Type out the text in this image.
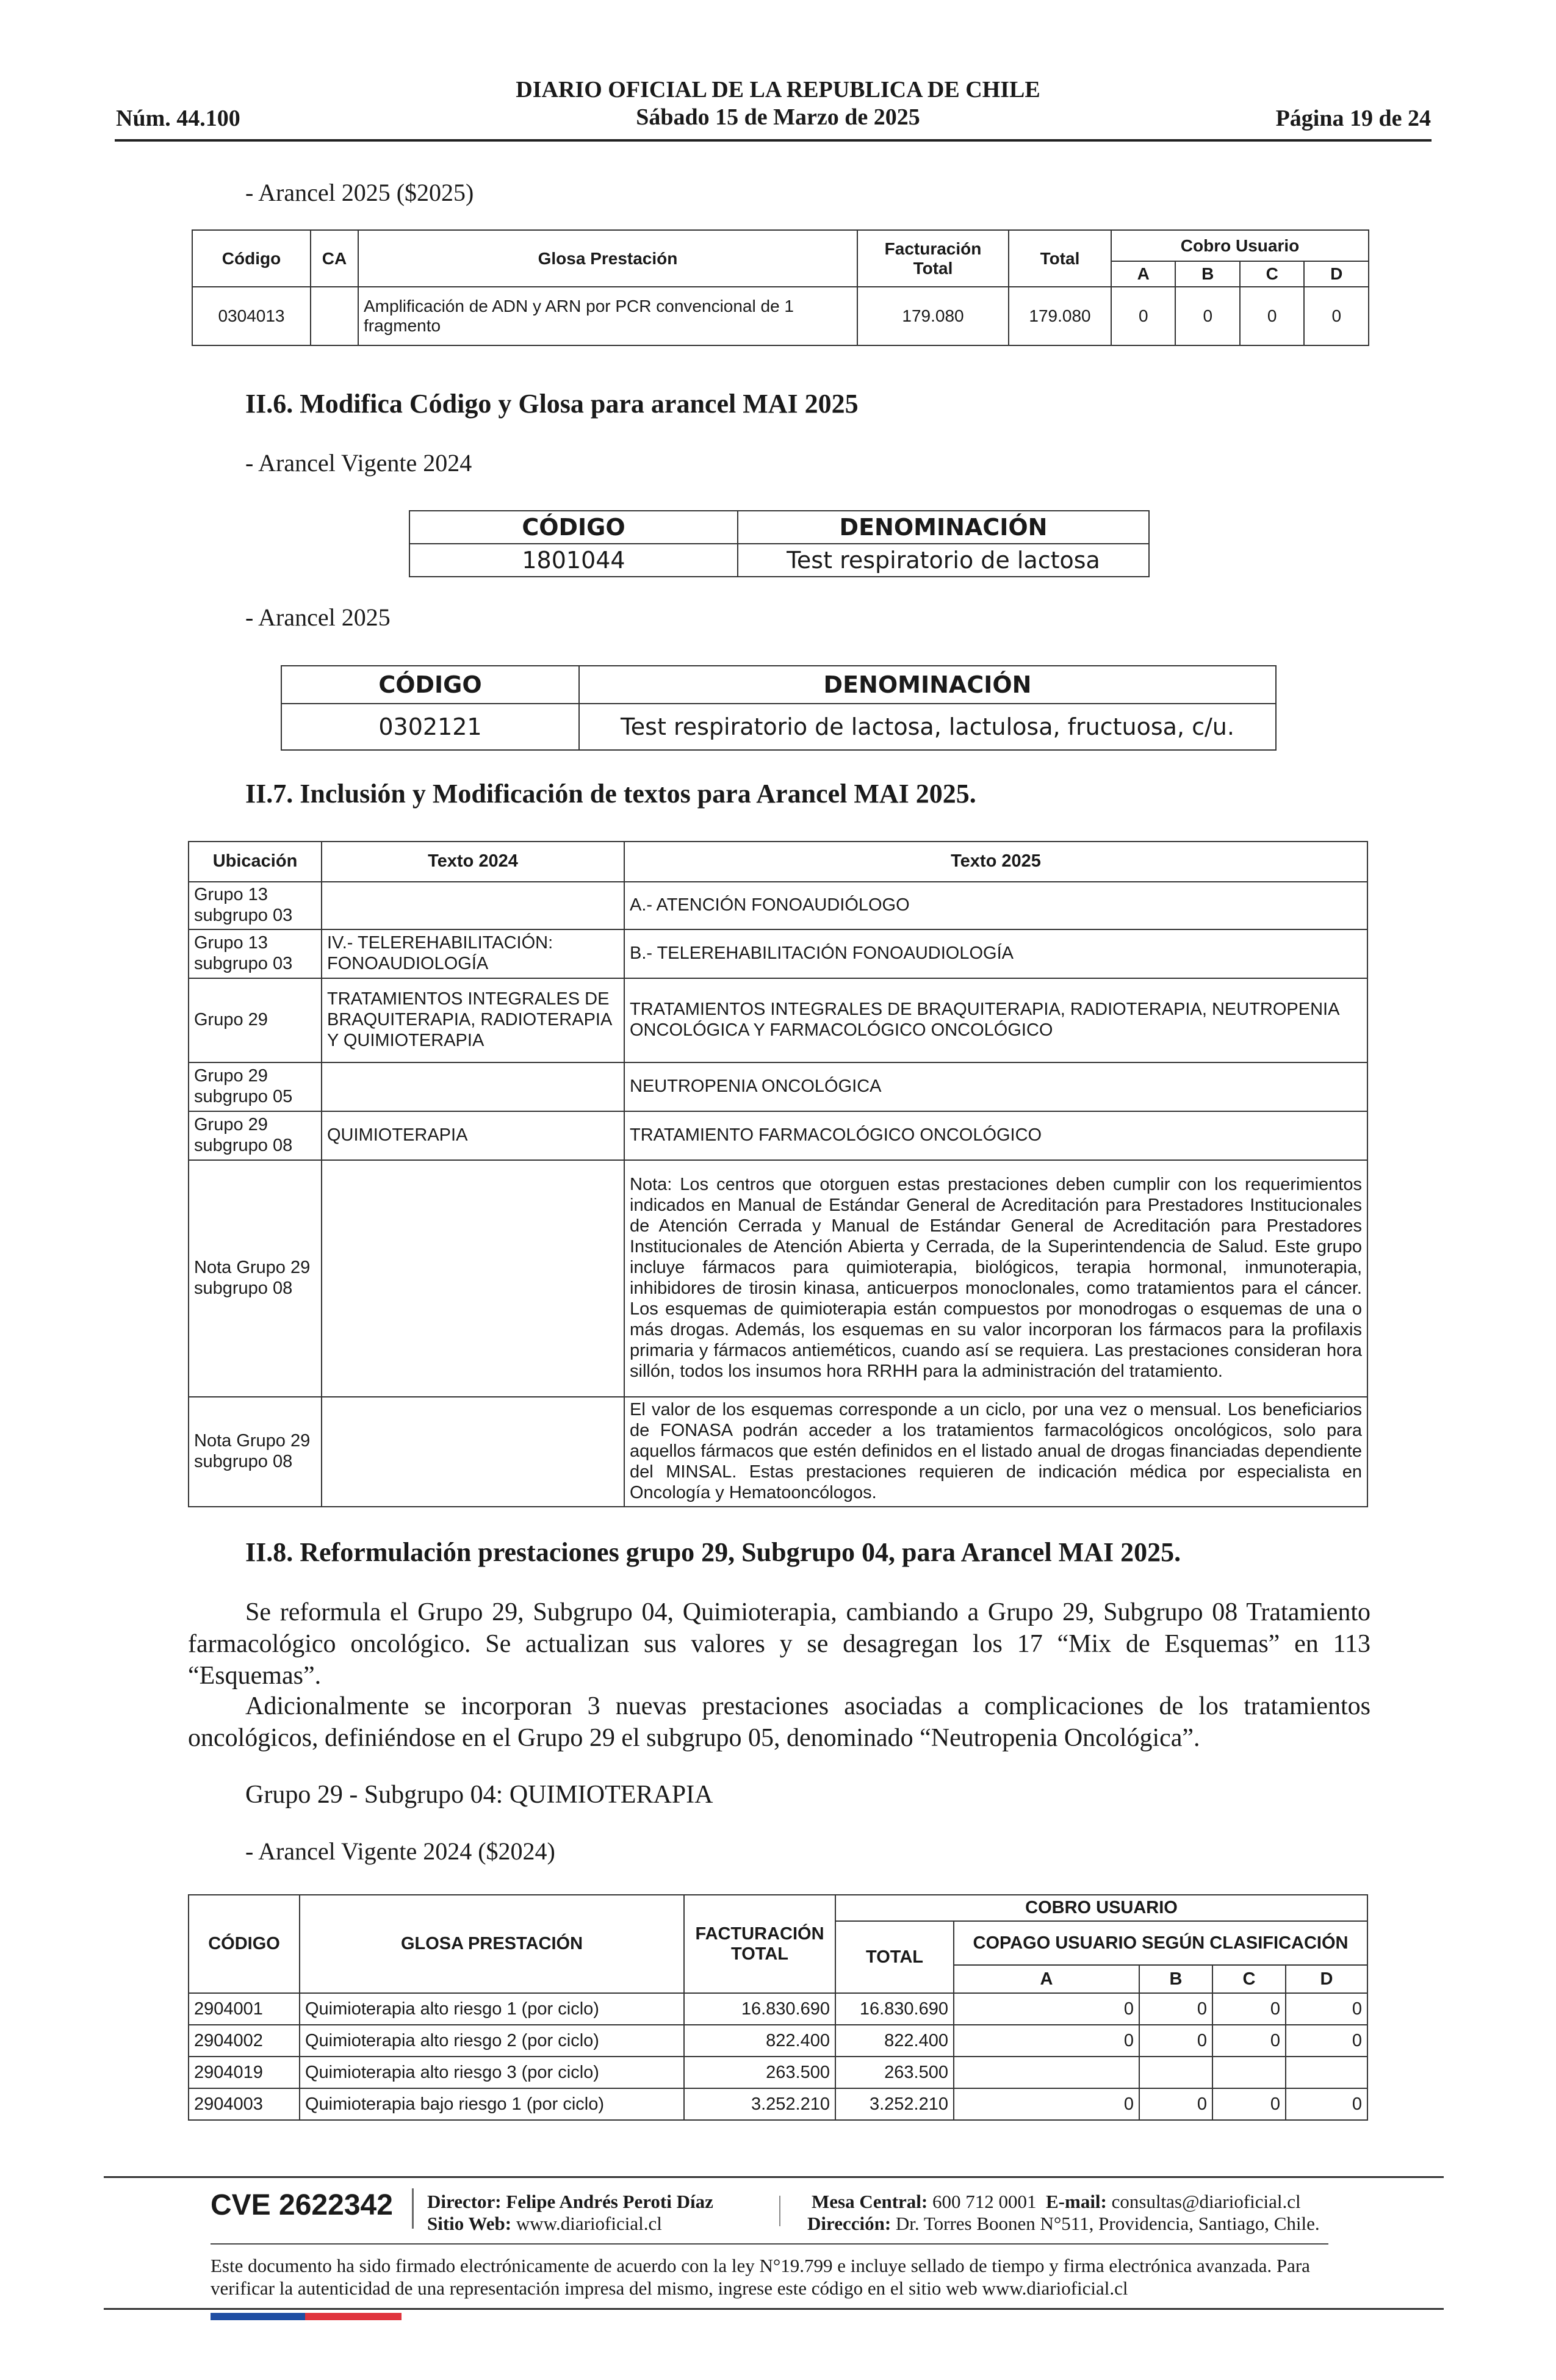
DIARIO OFICIAL DE LA REPUBLICA DE CHILE
Sábado 15 de Marzo de 2025
Núm. 44.100	Página 19 de 24
- Arancel 2025 ($2025)
Código	CA	Glosa Prestación	Facturación Total	Total	Cobro Usuario			
					A	B	C	D
0304013		Amplificación de ADN y ARN por PCR convencional de 1 fragmento	179.080	179.080	0	0	0	0
II.6. Modifica Código y Glosa para arancel MAI 2025
- Arancel Vigente 2024
CÓDIGO	DENOMINACIÓN
1801044	Test respiratorio de lactosa
- Arancel 2025
CÓDIGO	DENOMINACIÓN
0302121	Test respiratorio de lactosa, lactulosa, fructuosa, c/u.
II.7. Inclusión y Modificación de textos para Arancel MAI 2025.
Ubicación	Texto 2024	Texto 2025
Grupo 13 subgrupo 03		A.- ATENCIÓN FONOAUDIÓLOGO
Grupo 13 subgrupo 03	IV.- TELEREHABILITACIÓN: FONOAUDIOLOGÍA	B.- TELEREHABILITACIÓN FONOAUDIOLOGÍA
Grupo 29	TRATAMIENTOS INTEGRALES DE BRAQUITERAPIA, RADIOTERAPIA Y QUIMIOTERAPIA	TRATAMIENTOS INTEGRALES DE BRAQUITERAPIA, RADIOTERAPIA, NEUTROPENIA ONCOLÓGICA Y FARMACOLÓGICO ONCOLÓGICO
Grupo 29 subgrupo 05		NEUTROPENIA ONCOLÓGICA
Grupo 29 subgrupo 08	QUIMIOTERAPIA	TRATAMIENTO FARMACOLÓGICO ONCOLÓGICO
Nota Grupo 29 subgrupo 08		Nota: Los centros que otorguen estas prestaciones deben cumplir con los requerimientos indicados en Manual de Estándar General de Acreditación para Prestadores Institucionales de Atención Cerrada y Manual de Estándar General de Acreditación para Prestadores Institucionales de Atención Abierta y Cerrada, de la Superintendencia de Salud. Este grupo incluye fármacos para quimioterapia, biológicos, terapia hormonal, inmunoterapia, inhibidores de tirosin kinasa, anticuerpos monoclonales, como tratamientos para el cáncer. Los esquemas de quimioterapia están compuestos por monodrogas o esquemas de una o más drogas. Además, los esquemas en su valor incorporan los fármacos para la profilaxis primaria y fármacos antieméticos, cuando así se requiera. Las prestaciones consideran hora sillón, todos los insumos hora RRHH para la administración del tratamiento.
Nota Grupo 29 subgrupo 08		El valor de los esquemas corresponde a un ciclo, por una vez o mensual. Los beneficiarios de FONASA podrán acceder a los tratamientos farmacológicos oncológicos, solo para aquellos fármacos que estén definidos en el listado anual de drogas financiadas dependiente del MINSAL. Estas prestaciones requieren de indicación médica por especialista en Oncología y Hematooncólogos.
II.8. Reformulación prestaciones grupo 29, Subgrupo 04, para Arancel MAI 2025.
Se reformula el Grupo 29, Subgrupo 04, Quimioterapia, cambiando a Grupo 29, Subgrupo 08 Tratamiento farmacológico oncológico. Se actualizan sus valores y se desagregan los 17 “Mix de Esquemas” en 113 “Esquemas”.
Adicionalmente se incorporan 3 nuevas prestaciones asociadas a complicaciones de los tratamientos oncológicos, definiéndose en el Grupo 29 el subgrupo 05, denominado “Neutropenia Oncológica”.
Grupo 29 - Subgrupo 04: QUIMIOTERAPIA
- Arancel Vigente 2024 ($2024)
CÓDIGO	GLOSA PRESTACIÓN	FACTURACIÓN TOTAL	COBRO USUARIO				
			TOTAL	COPAGO USUARIO SEGÚN CLASIFICACIÓN			
				A	B	C	D
2904001	Quimioterapia alto riesgo 1 (por ciclo)	16.830.690	16.830.690	0	0	0	0
2904002	Quimioterapia alto riesgo 2 (por ciclo)	822.400	822.400	0	0	0	0
2904019	Quimioterapia alto riesgo 3 (por ciclo)	263.500	263.500				
2904003	Quimioterapia bajo riesgo 1 (por ciclo)	3.252.210	3.252.210	0	0	0	0
CVE 2622342 Director: Felipe Andrés Peroti Díaz
Sitio Web: www.diarioficial.cl
Mesa Central: 600 712 0001 E-mail: consultas@diarioficial.cl
Dirección: Dr. Torres Boonen N°511, Providencia, Santiago, Chile.
Este documento ha sido firmado electrónicamente de acuerdo con la ley N°19.799 e incluye sellado de tiempo y firma electrónica avanzada. Para verificar la autenticidad de una representación impresa del mismo, ingrese este código en el sitio web www.diarioficial.cl
